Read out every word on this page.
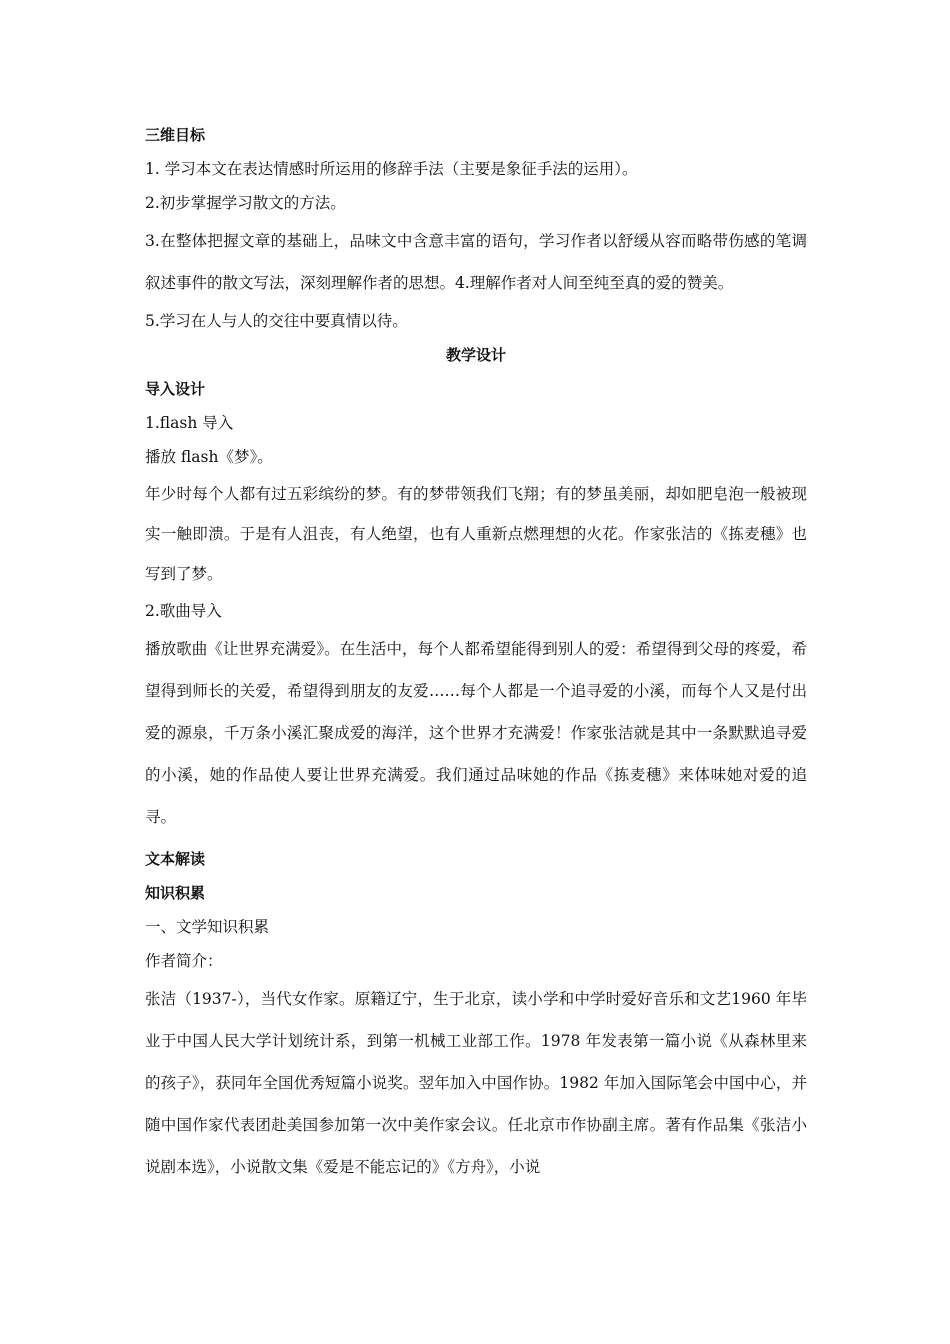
三维目标

1. 学习本文在表达情感时所运用的修辞手法（主要是象征手法的运用）。

2.初步掌握学习散文的方法。

3.在整体把握文章的基础上，品味文中含意丰富的语句，学习作者以舒缓从容而略带伤感的笔调叙述事件的散文写法，深刻理解作者的思想。4.理解作者对人间至纯至真的爱的赞美。

5.学习在人与人的交往中要真情以待。

教学设计

导入设计

1.flash 导入

播放 flash《梦》。

年少时每个人都有过五彩缤纷的梦。有的梦带领我们飞翔；有的梦虽美丽，却如肥皂泡一般被现实一触即溃。于是有人沮丧，有人绝望，也有人重新点燃理想的火花。作家张洁的《拣麦穗》也写到了梦。

2.歌曲导入

播放歌曲《让世界充满爱》。在生活中，每个人都希望能得到别人的爱：希望得到父母的疼爱，希望得到师长的关爱，希望得到朋友的友爱……每个人都是一个追寻爱的小溪，而每个人又是付出爱的源泉，千万条小溪汇聚成爱的海洋，这个世界才充满爱！作家张洁就是其中一条默默追寻爱的小溪，她的作品使人要让世界充满爱。我们通过品味她的作品《拣麦穗》来体味她对爱的追寻。

文本解读

知识积累

一、文学知识积累

作者简介：

张洁（1937-），当代女作家。原籍辽宁，生于北京，读小学和中学时爱好音乐和文艺1960 年毕业于中国人民大学计划统计系，到第一机械工业部工作。1978 年发表第一篇小说《从森林里来的孩子》，获同年全国优秀短篇小说奖。翌年加入中国作协。1982 年加入国际笔会中国中心，并随中国作家代表团赴美国参加第一次中美作家会议。任北京市作协副主席。著有作品集《张洁小说剧本选》，小说散文集《爱是不能忘记的》《方舟》，小说
